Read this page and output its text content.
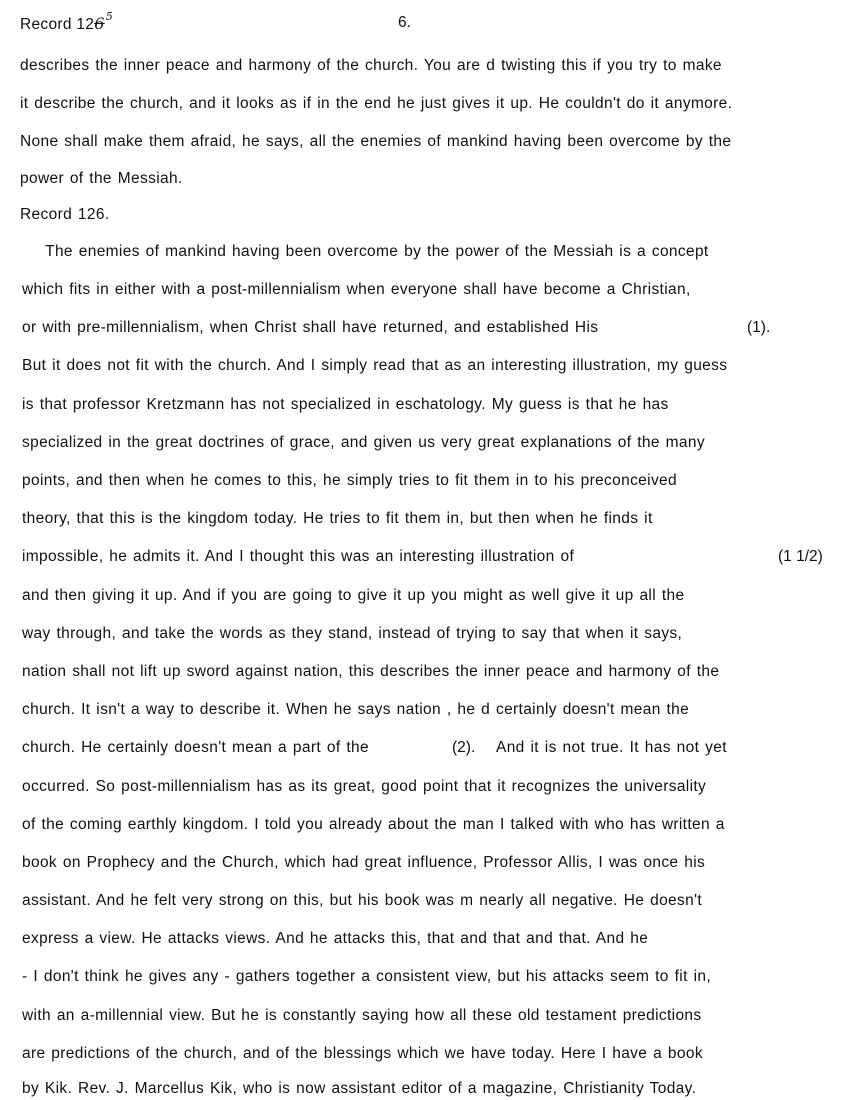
Record $126^5$	6.
describes the inner peace and harmony of the church. You are d twisting this if you try to make
it describe the church, and it looks as if in the end he just gives it up. He couldn't do it anymore.
None shall make them afraid, he says, all the enemies of mankind having been overcome by the
power of the Messiah.
Record 126.
The enemies of mankind having been overcome by the power of the Messiah is a concept
which fits in either with a post-millennialism when everyone shall have become a Christian,
or with pre-millennialism, when Christ shall have returned, and established His	(1).
But it does not fit with the church. And I simply read that as an interesting illustration, my guess
is that professor Kretzmann has not specialized in eschatology. My guess is that he has
specialized in the great doctrines of grace, and given us very great explanations of the many
points, and then when he comes to this, he simply tries to fit them in to his preconceived
theory, that this is the kingdom today. He tries to fit them in, but then when he finds it
impossible, he admits it. And I thought this was an interesting illustration of	(1 1/2)
and then giving it up. And if you are going to give it up you might as well give it up all the
way through, and take the words as they stand, instead of trying to say that when it says,
nation shall not lift up sword against nation, this describes the inner peace and harmony of the
church. It isn't a way to describe it. When he says nation , he d certainly doesn't mean the
church. He certainly doesn't mean a part of the	(2). And it is not true. It has not yet
occurred. So post-millennialism has as its great, good point that it recognizes the universality
of the coming earthly kingdom. I told you already about the man I talked with who has written a
book on Prophecy and the Church, which had great influence, Professor Allis, I was once his
assistant. And he felt very strong on this, but his book was m nearly all negative. He doesn't
express a view. He attacks views. And he attacks this, that and that and that. And he
- I don't think he gives any - gathers together a consistent view, but his attacks seem to fit in,
with an a-millennial view. But he is constantly saying how all these old testament predictions
are predictions of the church, and of the blessings which we have today. Here I have a book
by Kik. Rev. J. Marcellus Kik, who is now assistant editor of a magazine, Christianity Today.
